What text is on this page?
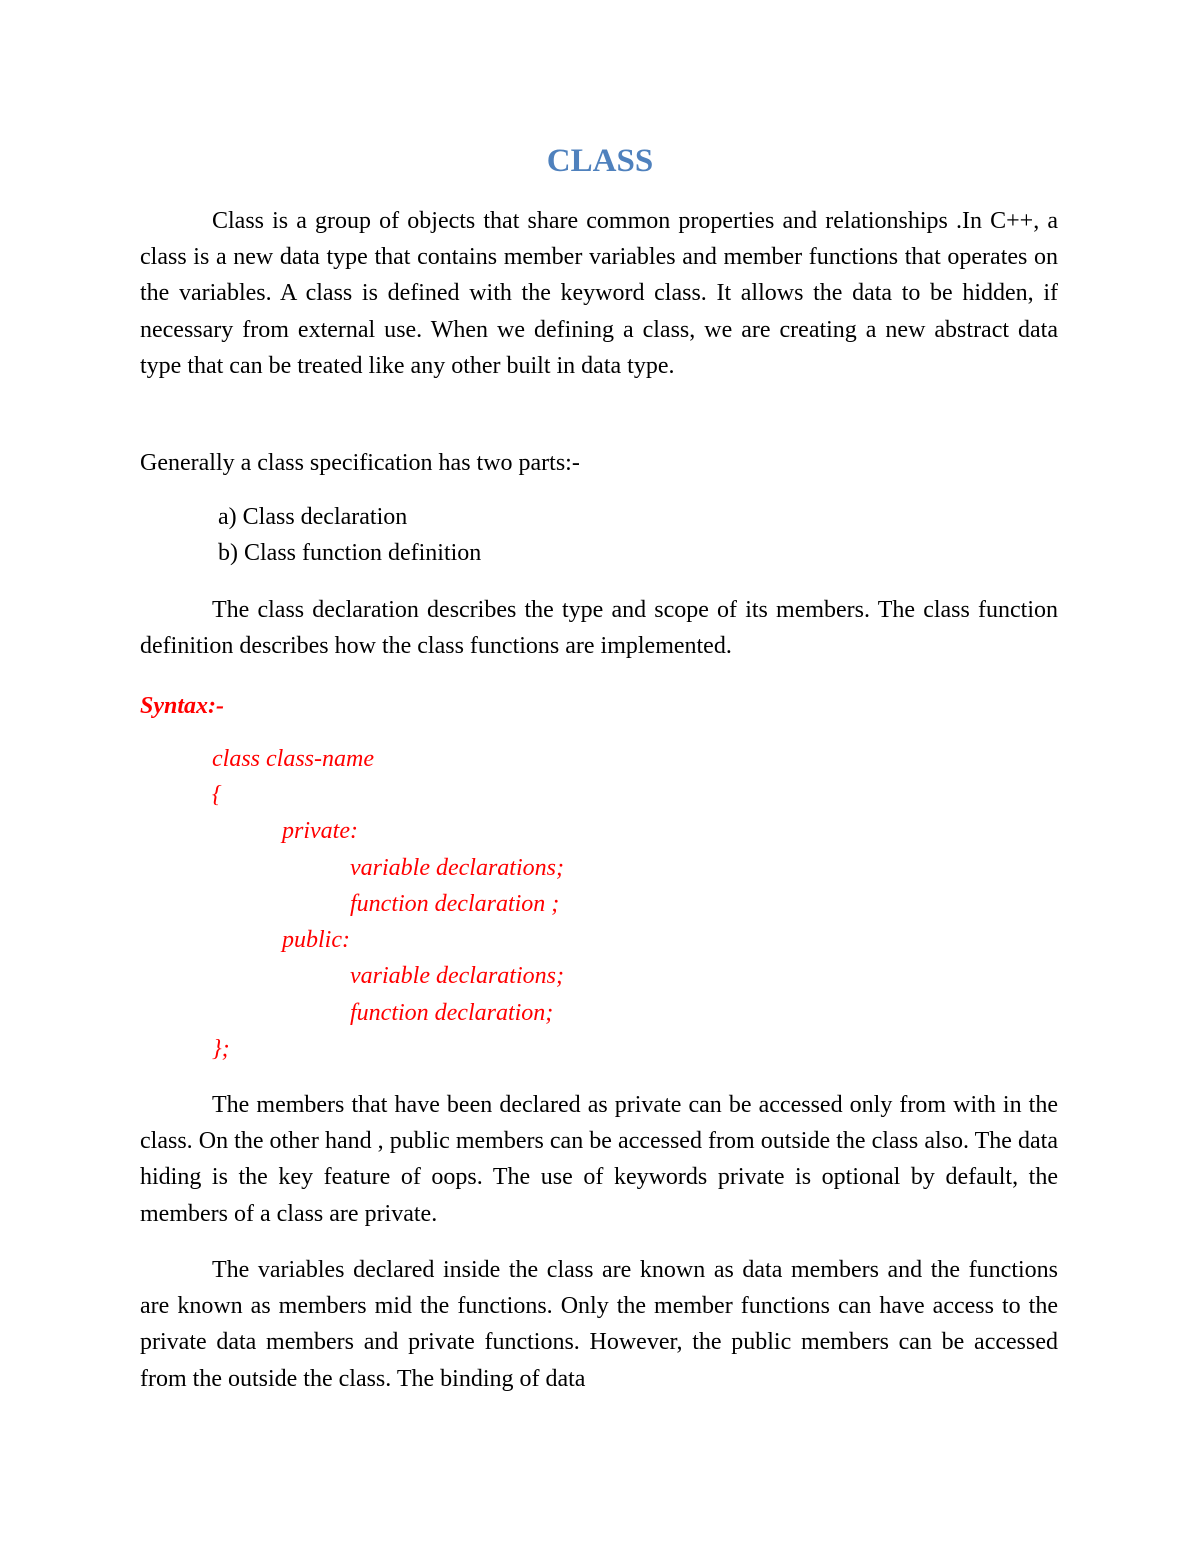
CLASS

Class is a group of objects that share common properties and relationships .In C++, a class is a new data type that contains member variables and member functions that operates on the variables. A class is defined with the keyword class. It allows the data to be hidden, if necessary from external use. When we defining a class, we are creating a new abstract data type that can be treated like any other built in data type.

Generally a class specification has two parts:-

a) Class declaration

b) Class function definition

The class declaration describes the type and scope of its members. The class function definition describes how the class functions are implemented.

Syntax:-

class class-name

{

private:

variable declarations;

function declaration ;

public:

variable declarations;

function declaration;

};

The members that have been declared as private can be accessed only from with in the class. On the other hand , public members can be accessed from outside the class also. The data hiding is the key feature of oops. The use of keywords private is optional by default, the members of a class are private.

The variables declared inside the class are known as data members and the functions are known as members mid the functions. Only the member functions can have access to the private data members and private functions. However, the public members can be accessed from the outside the class. The binding of data
